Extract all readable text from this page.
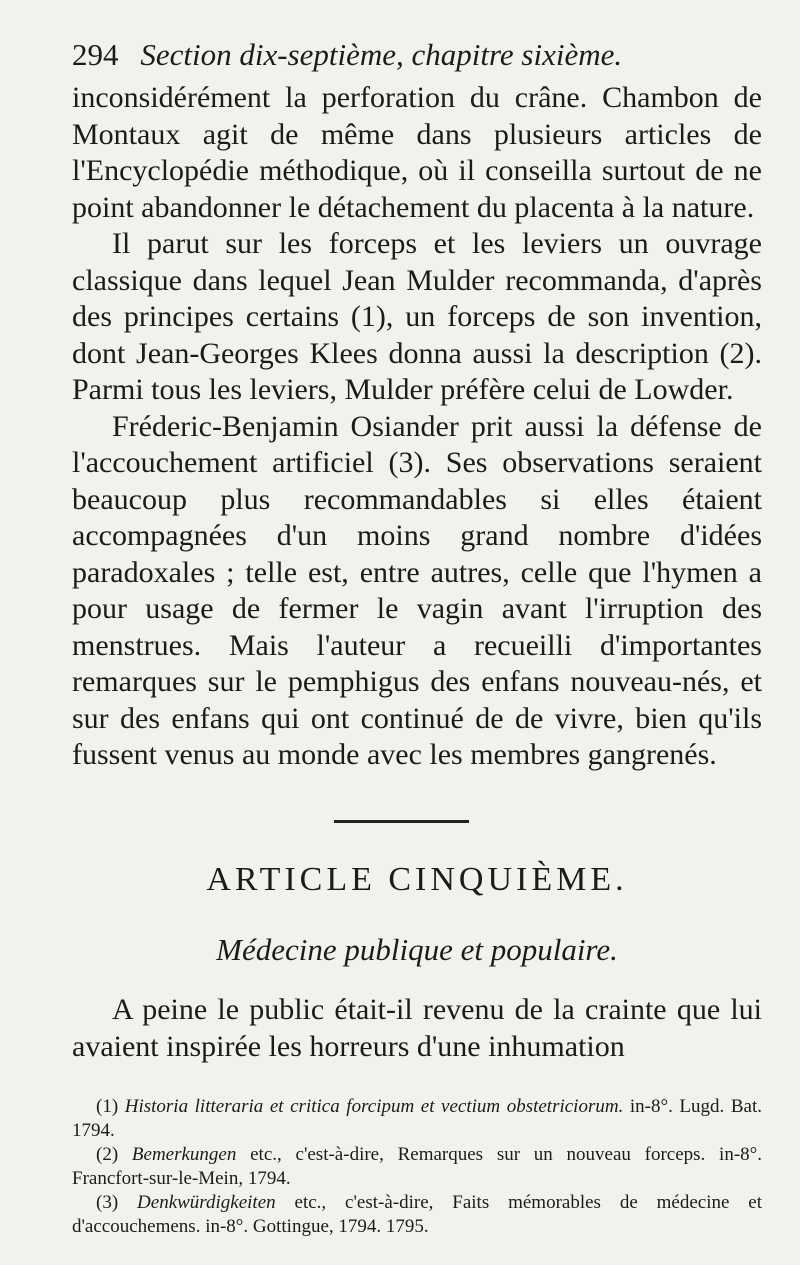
294 Section dix-septième, chapitre sixième.

inconsidérément la perforation du crâne. Chambon de Montaux agit de même dans plusieurs articles de l'Encyclopédie méthodique, où il conseilla surtout de ne point abandonner le détachement du placenta à la nature.

Il parut sur les forceps et les leviers un ouvrage classique dans lequel Jean Mulder recommanda, d'après des principes certains (1), un forceps de son invention, dont Jean-Georges Klees donna aussi la description (2). Parmi tous les leviers, Mulder préfère celui de Lowder.

Fréderic-Benjamin Osiander prit aussi la défense de l'accouchement artificiel (3). Ses observations seraient beaucoup plus recommandables si elles étaient accompagnées d'un moins grand nombre d'idées paradoxales ; telle est, entre autres, celle que l'hymen a pour usage de fermer le vagin avant l'irruption des menstrues. Mais l'auteur a recueilli d'importantes remarques sur le pemphigus des enfans nouveau-nés, et sur des enfans qui ont continué de de vivre, bien qu'ils fussent venus au monde avec les membres gangrenés.

ARTICLE CINQUIÈME.
Médecine publique et populaire.

A peine le public était-il revenu de la crainte que lui avaient inspirée les horreurs d'une inhumation

(1) Historia litteraria et critica forcipum et vectium obstetriciorum. in-8°. Lugd. Bat. 1794.

(2) Bemerkungen etc., c'est-à-dire, Remarques sur un nouveau forceps. in-8°. Francfort-sur-le-Mein, 1794.

(3) Denkwürdigkeiten etc., c'est-à-dire, Faits mémorables de médecine et d'accouchemens. in-8°. Gottingue, 1794. 1795.
